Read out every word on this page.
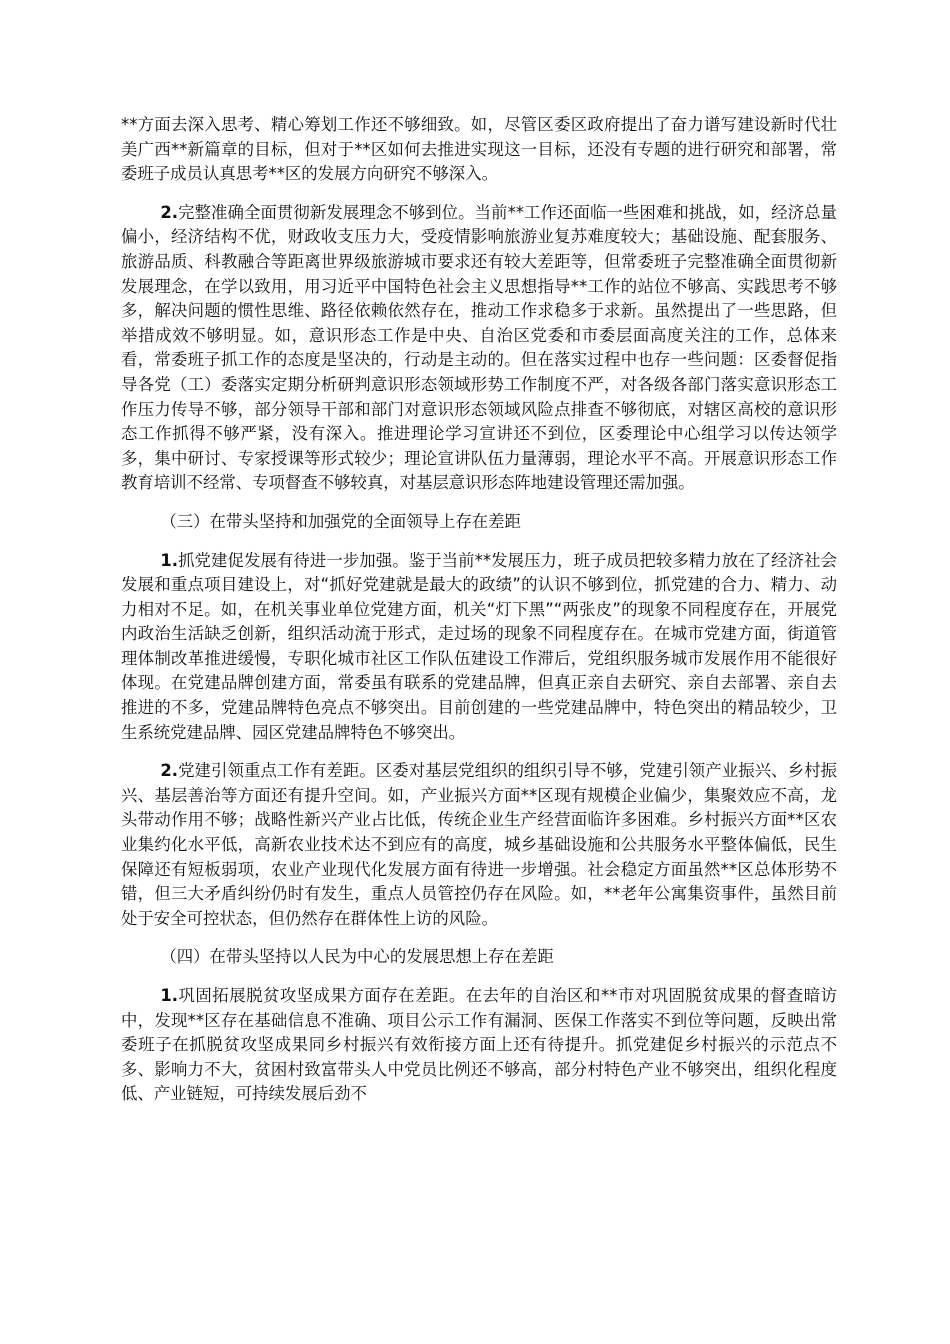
**方面去深入思考、精心筹划工作还不够细致。如，尽管区委区政府提出了奋力谱写建设新时代壮美广西**新篇章的目标，但对于**区如何去推进实现这一目标，还没有专题的进行研究和部署，常委班子成员认真思考**区的发展方向研究不够深入。

2.完整准确全面贯彻新发展理念不够到位。当前**工作还面临一些困难和挑战，如，经济总量偏小，经济结构不优，财政收支压力大，受疫情影响旅游业复苏难度较大；基础设施、配套服务、旅游品质、科教融合等距离世界级旅游城市要求还有较大差距等，但常委班子完整准确全面贯彻新发展理念，在学以致用，用习近平中国特色社会主义思想指导**工作的站位不够高、实践思考不够多，解决问题的惯性思维、路径依赖依然存在，推动工作求稳多于求新。虽然提出了一些思路，但举措成效不够明显。如，意识形态工作是中央、自治区党委和市委层面高度关注的工作，总体来看，常委班子抓工作的态度是坚决的，行动是主动的。但在落实过程中也存一些问题：区委督促指导各党（工）委落实定期分析研判意识形态领域形势工作制度不严，对各级各部门落实意识形态工作压力传导不够，部分领导干部和部门对意识形态领域风险点排查不够彻底，对辖区高校的意识形态工作抓得不够严紧，没有深入。推进理论学习宣讲还不到位，区委理论中心组学习以传达领学多，集中研讨、专家授课等形式较少；理论宣讲队伍力量薄弱，理论水平不高。开展意识形态工作教育培训不经常、专项督查不够较真，对基层意识形态阵地建设管理还需加强。

（三）在带头坚持和加强党的全面领导上存在差距

1.抓党建促发展有待进一步加强。鉴于当前**发展压力，班子成员把较多精力放在了经济社会发展和重点项目建设上，对“抓好党建就是最大的政绩”的认识不够到位，抓党建的合力、精力、动力相对不足。如，在机关事业单位党建方面，机关“灯下黑”“两张皮”的现象不同程度存在，开展党内政治生活缺乏创新，组织活动流于形式，走过场的现象不同程度存在。在城市党建方面，街道管理体制改革推进缓慢，专职化城市社区工作队伍建设工作滞后，党组织服务城市发展作用不能很好体现。在党建品牌创建方面，常委虽有联系的党建品牌，但真正亲自去研究、亲自去部署、亲自去推进的不多，党建品牌特色亮点不够突出。目前创建的一些党建品牌中，特色突出的精品较少，卫生系统党建品牌、园区党建品牌特色不够突出。

2.党建引领重点工作有差距。区委对基层党组织的组织引导不够，党建引领产业振兴、乡村振兴、基层善治等方面还有提升空间。如，产业振兴方面**区现有规模企业偏少，集聚效应不高，龙头带动作用不够；战略性新兴产业占比低，传统企业生产经营面临许多困难。乡村振兴方面**区农业集约化水平低，高新农业技术达不到应有的高度，城乡基础设施和公共服务水平整体偏低，民生保障还有短板弱项，农业产业现代化发展方面有待进一步增强。社会稳定方面虽然**区总体形势不错，但三大矛盾纠纷仍时有发生，重点人员管控仍存在风险。如，**老年公寓集资事件，虽然目前处于安全可控状态，但仍然存在群体性上访的风险。

（四）在带头坚持以人民为中心的发展思想上存在差距

1.巩固拓展脱贫攻坚成果方面存在差距。在去年的自治区和**市对巩固脱贫成果的督查暗访中，发现**区存在基础信息不准确、项目公示工作有漏洞、医保工作落实不到位等问题，反映出常委班子在抓脱贫攻坚成果同乡村振兴有效衔接方面上还有待提升。抓党建促乡村振兴的示范点不多、影响力不大，贫困村致富带头人中党员比例还不够高，部分村特色产业不够突出，组织化程度低、产业链短，可持续发展后劲不
